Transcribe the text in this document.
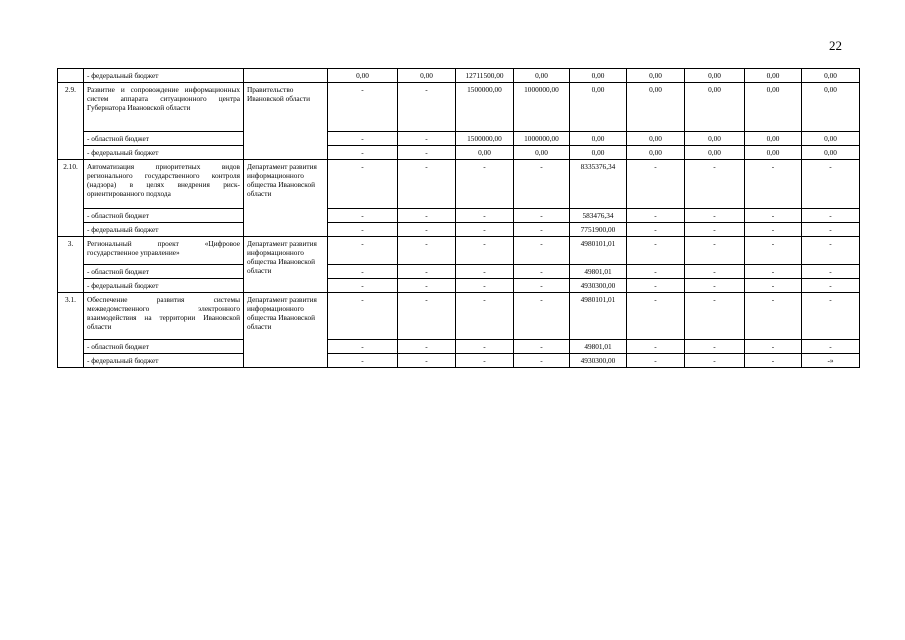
22
	- федеральный бюджет		0,00	0,00	12711500,00	0,00	0,00	0,00	0,00	0,00	0,00
2.9.	Развитие и сопровождение информационных систем аппарата ситуационного центра Губернатора Ивановской области	Правительство Ивановской области	-	-	1500000,00	1000000,00	0,00	0,00	0,00	0,00	0,00
	- областной бюджет		-	-	1500000,00	1000000,00	0,00	0,00	0,00	0,00	0,00
	- федеральный бюджет		-	-	0,00	0,00	0,00	0,00	0,00	0,00	0,00
2.10.	Автоматизация приоритетных видов регионального государственного контроля (надзора) в целях внедрения риск-ориентированного подхода	Департамент развития информационного общества Ивановской области	-	-	-	-	8335376,34	-	-	-	-
	- областной бюджет		-	-	-	-	583476,34	-	-	-	-
	- федеральный бюджет		-	-	-	-	7751900,00	-	-	-	-
3.	Региональный проект «Цифровое государственное управление»	Департамент развития информационного общества Ивановской области	-	-	-	-	4980101,01	-	-	-	-
	- областной бюджет		-	-	-	-	49801,01	-	-	-	-
	- федеральный бюджет		-	-	-	-	4930300,00	-	-	-	-
3.1.	Обеспечение развития системы межведомственного электронного взаимодействия на территории Ивановской области	Департамент развития информационного общества Ивановской области	-	-	-	-	4980101,01	-	-	-	-
	- областной бюджет		-	-	-	-	49801,01	-	-	-	-
	- федеральный бюджет		-	-	-	-	4930300,00	-	-	-	-»
